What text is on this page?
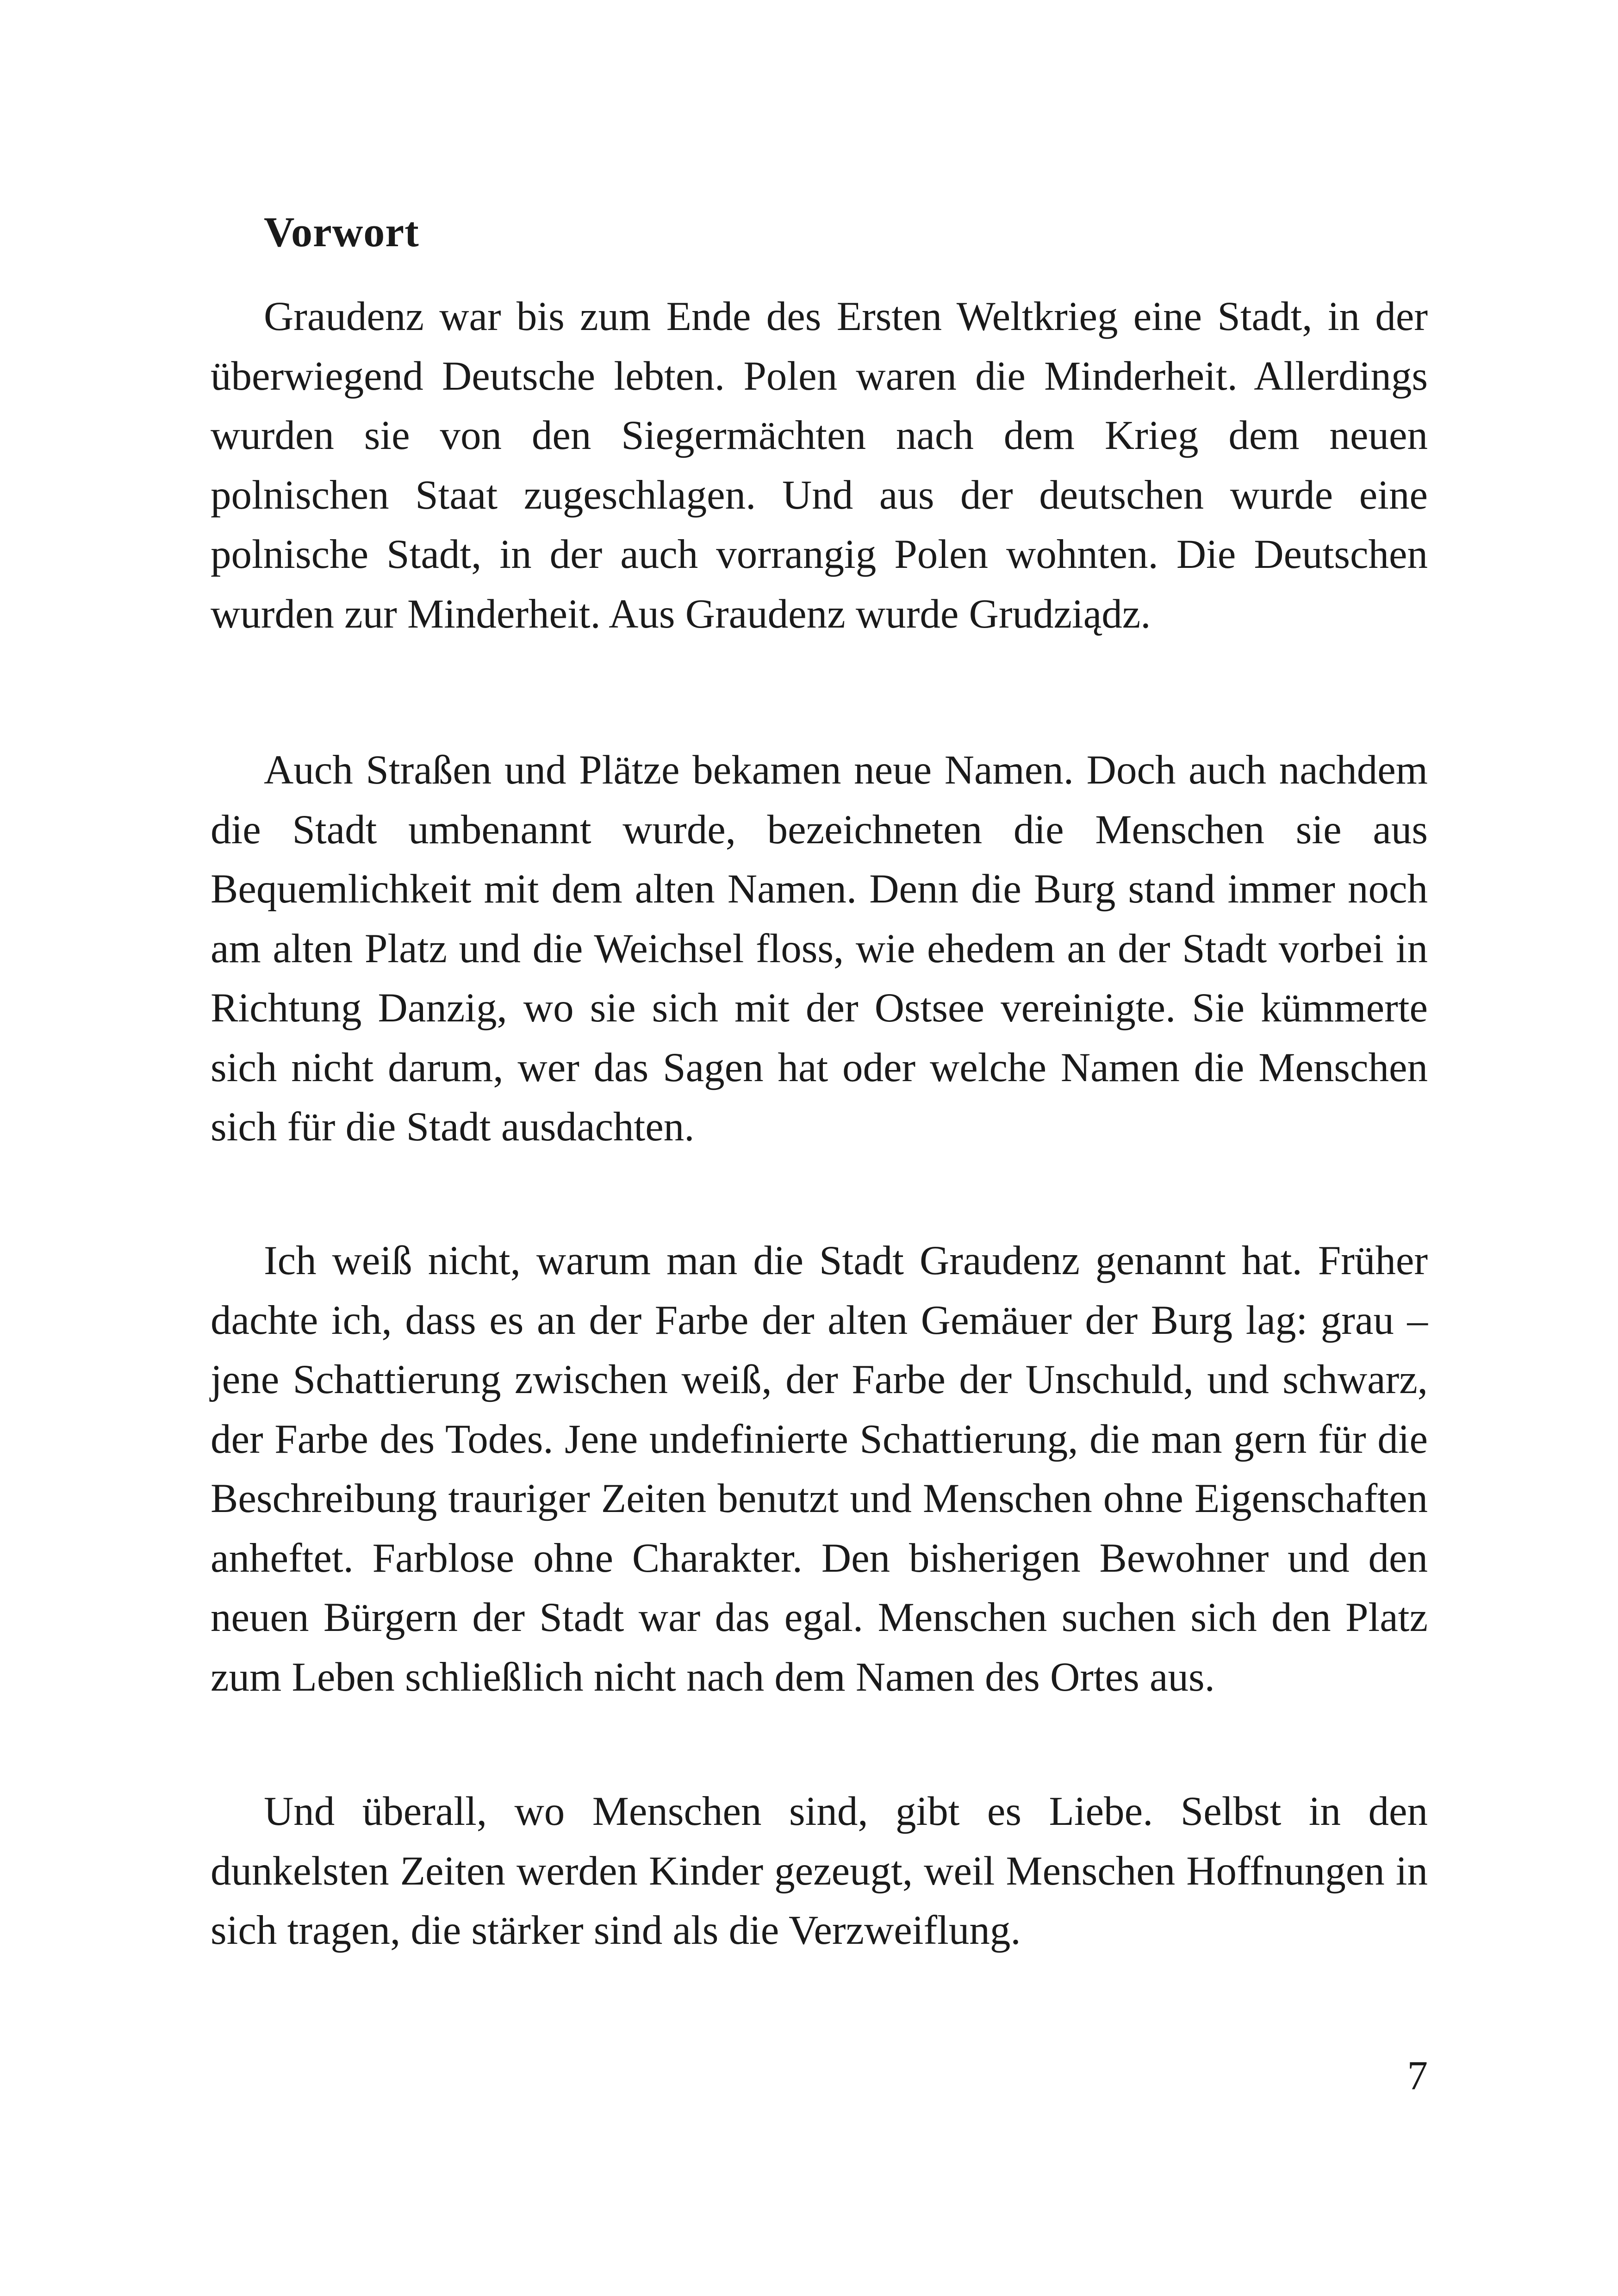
Vorwort

Graudenz war bis zum Ende des Ersten Weltkrieg eine Stadt, in der überwiegend Deutsche lebten. Polen waren die Minderheit. Allerdings wurden sie von den Siegermächten nach dem Krieg dem neuen polnischen Staat zugeschlagen. Und aus der deutschen wurde eine polnische Stadt, in der auch vorrangig Polen wohnten. Die Deutschen wurden zur Minderheit. Aus Graudenz wurde Grudziądz.

Auch Straßen und Plätze bekamen neue Namen. Doch auch nachdem die Stadt umbenannt wurde, bezeichneten die Menschen sie aus Bequemlichkeit mit dem alten Namen. Denn die Burg stand immer noch am alten Platz und die Weichsel floss, wie ehedem an der Stadt vorbei in Richtung Danzig, wo sie sich mit der Ostsee vereinigte. Sie kümmerte sich nicht darum, wer das Sagen hat oder welche Namen die Menschen sich für die Stadt ausdachten.

Ich weiß nicht, warum man die Stadt Graudenz genannt hat. Früher dachte ich, dass es an der Farbe der alten Gemäuer der Burg lag: grau – jene Schattierung zwischen weiß, der Farbe der Unschuld, und schwarz, der Farbe des Todes. Jene undefinierte Schattierung, die man gern für die Beschreibung trauriger Zeiten benutzt und Menschen ohne Eigenschaften anheftet. Farblose ohne Charakter. Den bisherigen Bewohner und den neuen Bürgern der Stadt war das egal. Menschen suchen sich den Platz zum Leben schließlich nicht nach dem Namen des Ortes aus.

Und überall, wo Menschen sind, gibt es Liebe. Selbst in den dunkelsten Zeiten werden Kinder gezeugt, weil Menschen Hoffnungen in sich tragen, die stärker sind als die Verzweiflung.

7
